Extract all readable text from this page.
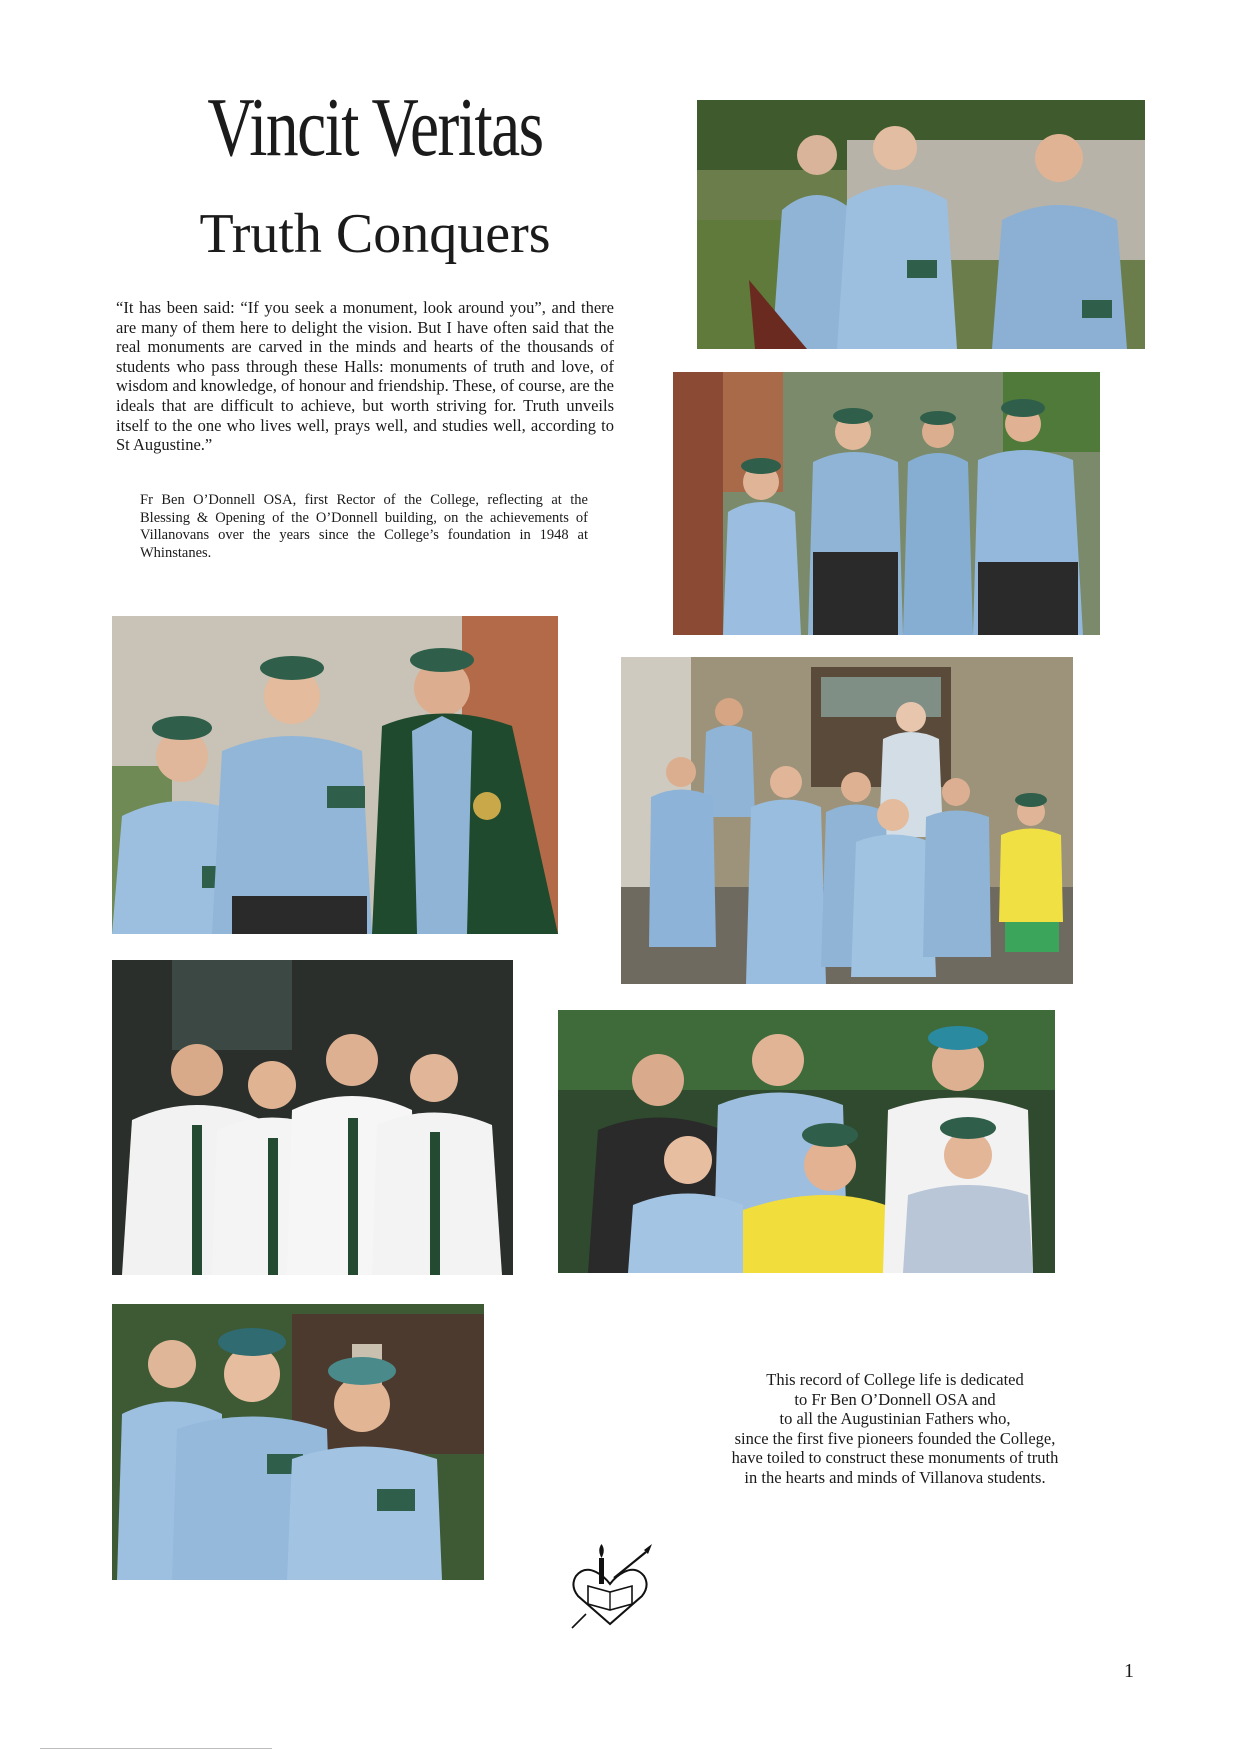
Vincit Veritas
Truth Conquers
“It has been said: “If you seek a monument, look around you”, and there are many of them here to delight the vision. But I have often said that the real monuments are carved in the minds and hearts of the thousands of students who pass through these Halls: monuments of truth and love, of wisdom and knowledge, of honour and friendship. These, of course, are the ideals that are difficult to achieve, but worth striving for. Truth unveils itself to the one who lives well, prays well, and studies well, according to St Augustine.”
Fr Ben O’Donnell OSA, first Rector of the College, reflecting at the Blessing & Opening of the O’Donnell building, on the achievements of Villanovans over the years since the College’s foundation in 1948 at Whinstanes.
This record of College life is dedicated
to Fr Ben O’Donnell OSA and
to all the Augustinian Fathers who,
since the first five pioneers founded the College,
have toiled to construct these monuments of truth
in the hearts and minds of Villanova students.
1
